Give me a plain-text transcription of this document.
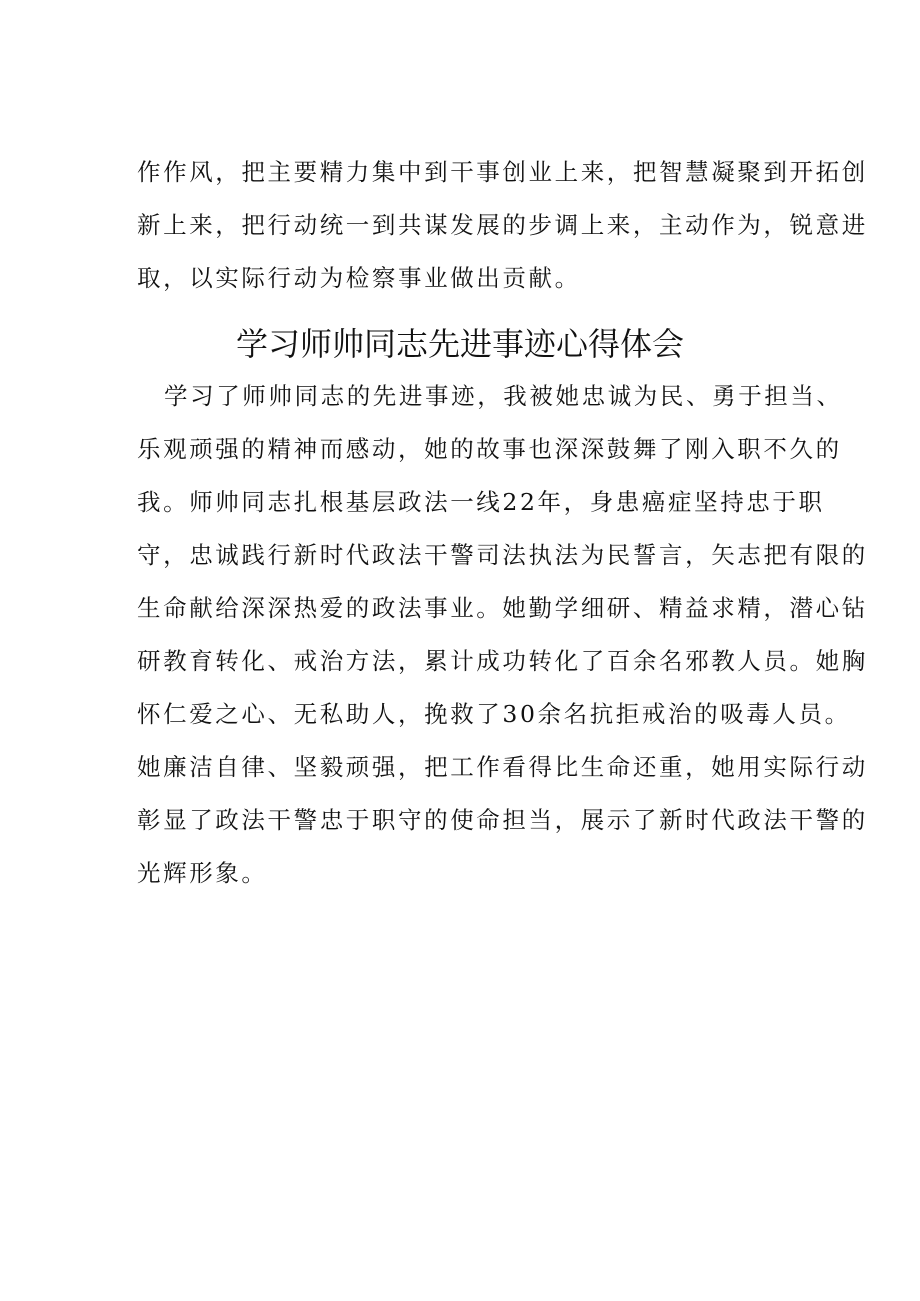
作作风，把主要精力集中到干事创业上来，把智慧凝聚到开拓创
新上来，把行动统一到共谋发展的步调上来，主动作为，锐意进
取，以实际行动为检察事业做出贡献。
学习师帅同志先进事迹心得体会
学习了师帅同志的先进事迹，我被她忠诚为民、勇于担当、
乐观顽强的精神而感动，她的故事也深深鼓舞了刚入职不久的
我。师帅同志扎根基层政法一线22年，身患癌症坚持忠于职
守，忠诚践行新时代政法干警司法执法为民誓言，矢志把有限的
生命献给深深热爱的政法事业。她勤学细研、精益求精，潜心钻
研教育转化、戒治方法，累计成功转化了百余名邪教人员。她胸
怀仁爱之心、无私助人，挽救了30余名抗拒戒治的吸毒人员。
她廉洁自律、坚毅顽强，把工作看得比生命还重，她用实际行动
彰显了政法干警忠于职守的使命担当，展示了新时代政法干警的
光辉形象。
